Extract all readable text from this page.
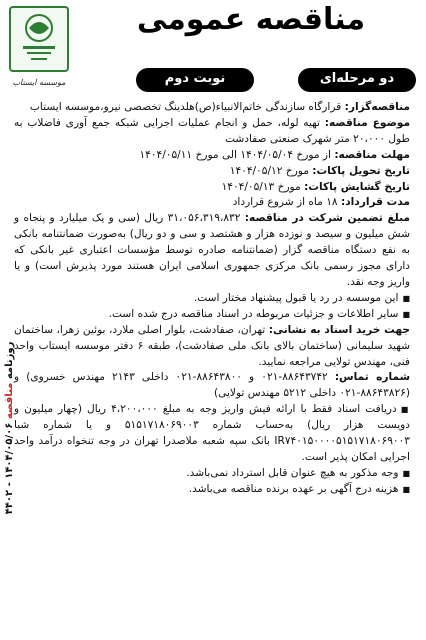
موسسه ایستاب
مناقصه عمومی
دو مرحله‌ای
نوبت دوم

مناقصه‌گزار: قرارگاه سازندگی خاتم‌الانبیاء(ص)هلدینگ تخصصی نیرو،موسسه ایستاب

موضوع مناقصه: تهیه لوله، حمل و انجام عملیات اجرایی شبکه جمع آوری فاضلاب به طول ۲۰،۰۰۰ متر شهرک صنعتی صفادشت

مهلت مناقصه: از مورخ ۱۴۰۴/۰۵/۰۴ الی مورخ ۱۴۰۴/۰۵/۱۱

تاریخ تحویل پاکات: مورخ ۱۴۰۴/۰۵/۱۲

تاریخ گشایش پاکات: مورخ ۱۴۰۴/۰۵/۱۳

مدت قرارداد: ۱۸ ماه از شروع قرارداد

مبلغ تضمین شرکت در مناقصه: ۳۱،۰۵۶،۳۱۹،۸۳۲ ریال (سی و یک میلیارد و پنجاه و شش میلیون و سیصد و نوزده هزار و هشتصد و سی و دو ریال) به‌صورت ضمانتنامه بانکی به نفع دستگاه مناقصه گزار (ضمانتنامه صادره توسط مؤسسات اعتباری غیر بانکی که دارای مجوز رسمی بانک مرکزی جمهوری اسلامی ایران هستند مورد پذیرش است) و یا واریز وجه نقد.

■ این موسسه در رد یا قبول پیشنهاد مختار است.

■ سایر اطلاعات و جزئیات مربوطه در اسناد مناقصه درج شده است.

جهت خرید اسناد به نشانی: تهران، صفادشت، بلوار اصلی ملارد، بوئین زهرا، ساختمان شهید سلیمانی (ساختمان بالای بانک ملی صفادشت)، طبقه ۶ دفتر موسسه ایستاب واحد فنی، مهندس تولایی مراجعه نمایید.

شماره تماس: ۸۸۶۴۳۷۴۲-۰۲۱ و ۸۸۶۴۳۸۰۰-۰۲۱ داخلی ۲۱۴۳ مهندس خسروی) و (۸۸۶۴۳۸۲۶-۰۲۱ داخلی ۵۲۱۲ مهندس تولایی)

■ دریافت اسناد فقط با ارائه فیش واریز وجه به مبلغ ۴،۲۰۰،۰۰۰ ریال (چهار میلیون و دویست هزار ریال) به‌حساب شماره ۵۱۵۱۷۱۸۰۶۹۰۰۳ و یا شماره شبا IR۷۴۰۱۵۰۰۰۰۵۱۵۱۷۱۸۰۶۹۰۰۳ بانک سپه شعبه ملاصدرا تهران در وجه تنخواه درآمد واحد اجرایی امکان پذیر است.

■ وجه مذکور به هیچ عنوان قابل استرداد نمی‌باشد.

■ هزینه درج آگهی بر عهده برنده مناقصه می‌باشد.

روزنامه مناقصه ۱۴۰۴/۰۵/۰۶ - ۴۴۰۲
